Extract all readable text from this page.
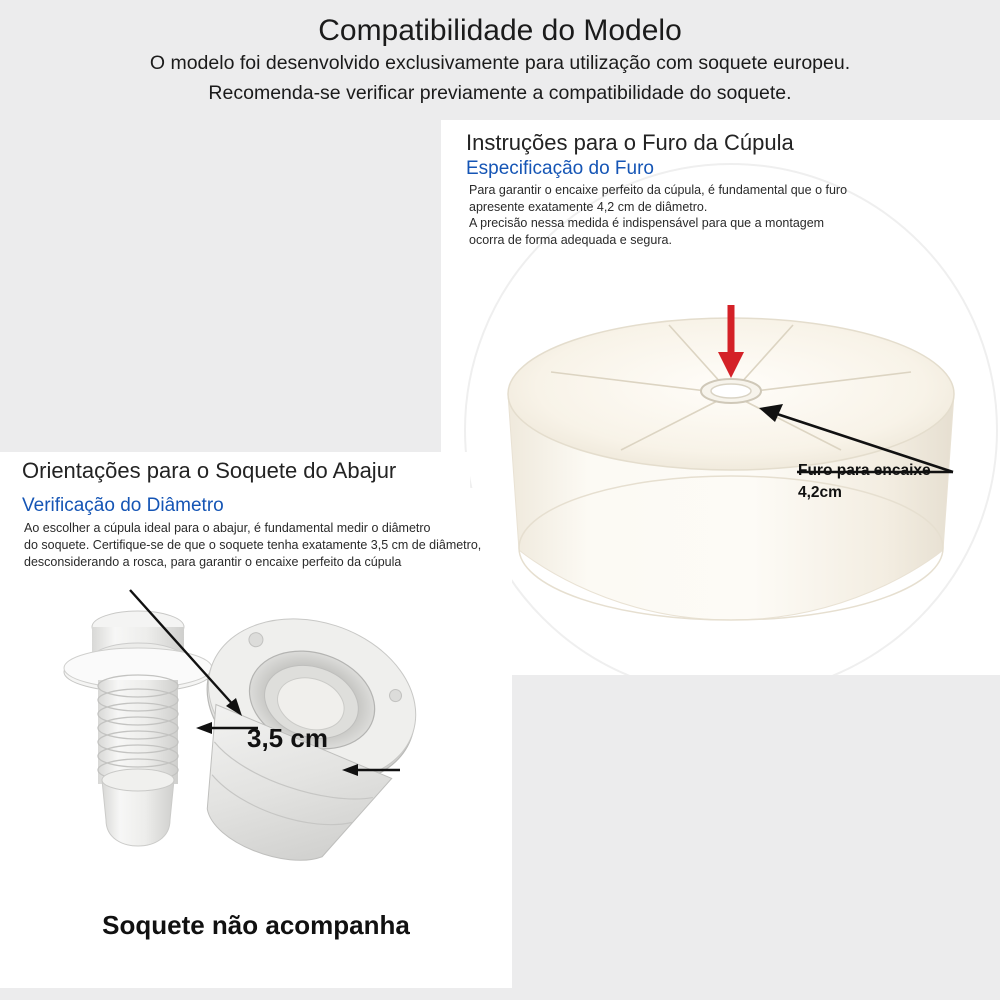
Compatibilidade do Modelo
O modelo foi desenvolvido exclusivamente para utilização com soquete europeu.
Recomenda-se verificar previamente a compatibilidade do soquete.
Instruções para o Furo da Cúpula
Especificação do Furo
Para garantir o encaixe perfeito da cúpula, é fundamental que o furo
apresente exatamente 4,2 cm de diâmetro.
A precisão nessa medida é indispensável para que a montagem
ocorra de forma adequada e segura.
Furo para encaixe
4,2cm
Orientações para o Soquete do Abajur
Verificação do Diâmetro
Ao escolher a cúpula ideal para o abajur, é fundamental medir o diâmetro
do soquete. Certifique-se de que o soquete tenha exatamente 3,5 cm de diâmetro,
desconsiderando a rosca, para garantir o encaixe perfeito da cúpula
3,5 cm
Soquete não acompanha
